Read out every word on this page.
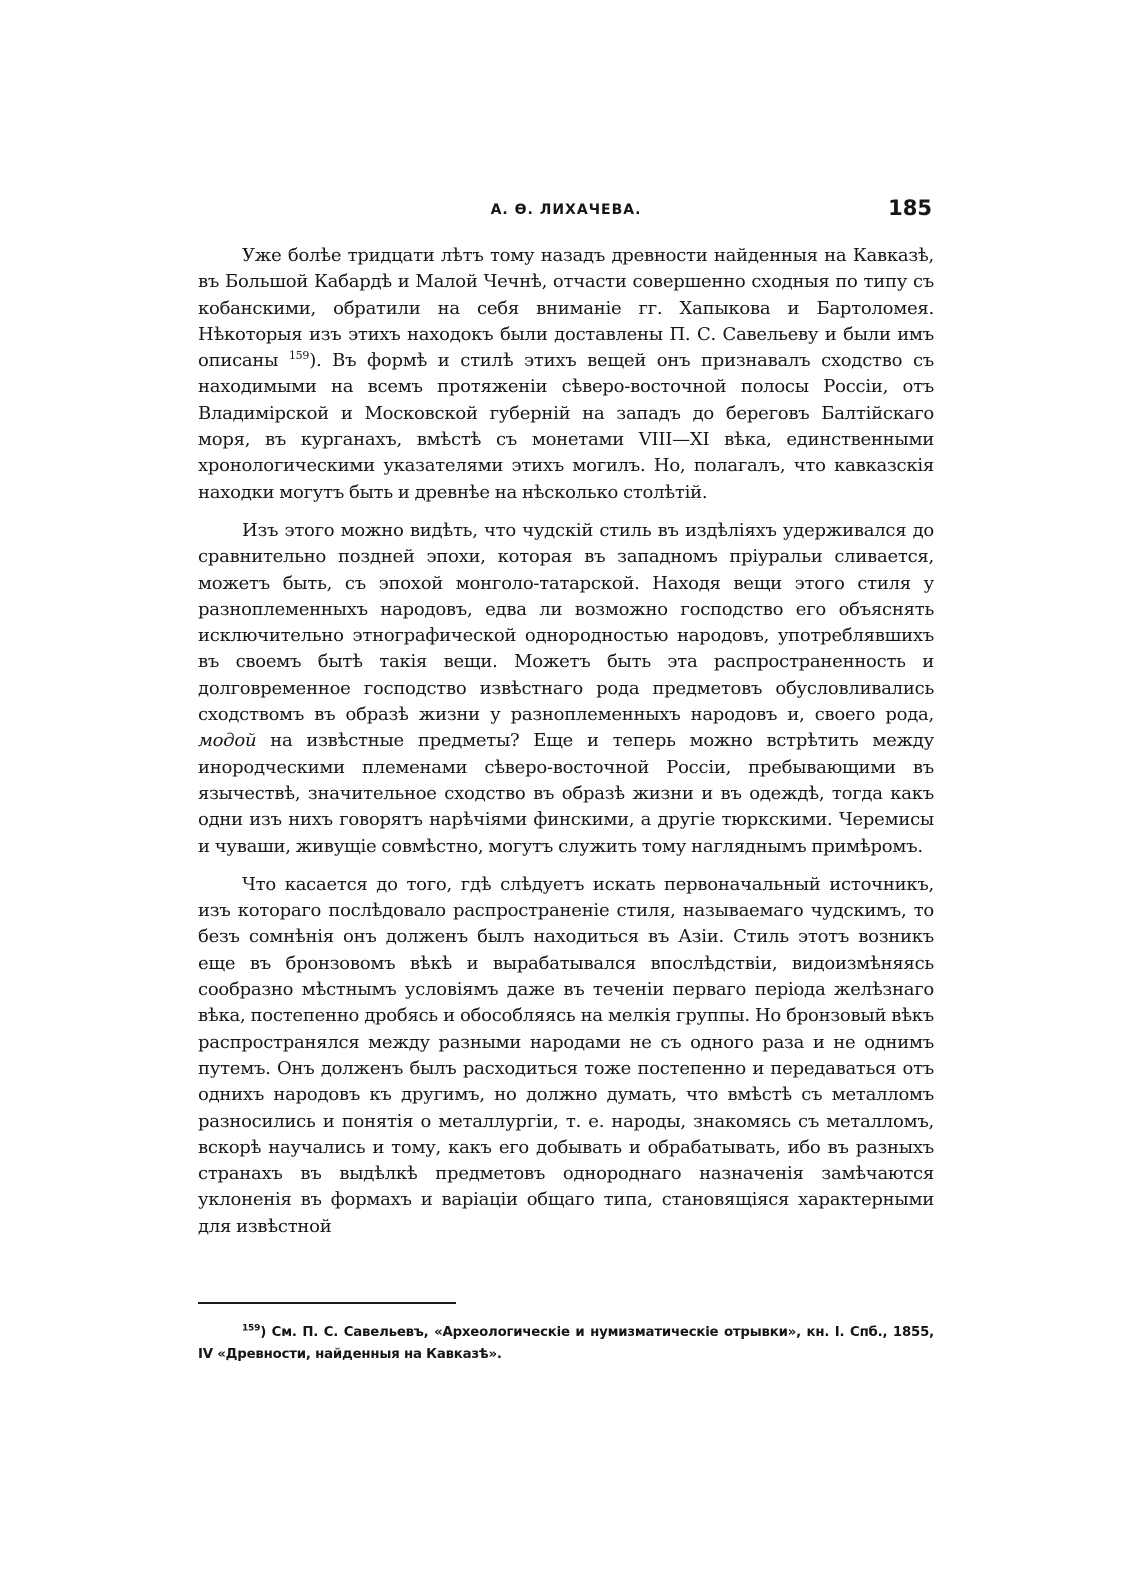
А. Ѳ. ЛИХАЧЕВА.	185

Уже болѣе тридцати лѣтъ тому назадъ древности найденныя на Кавказѣ, въ Большой Кабардѣ и Малой Чечнѣ, отчасти совершенно сходныя по типу съ кобанскими, обратили на себя вниманіе гг. Хапыкова и Бартоломея. Нѣкоторыя изъ этихъ находокъ были доставлены П. С. Савельеву и были имъ описаны $^{159}$). Въ формѣ и стилѣ этихъ вещей онъ признавалъ сходство съ находимыми на всемъ протяженіи сѣверо-восточной полосы Россіи, отъ Владимірской и Московской губерній на западъ до береговъ Балтійскаго моря, въ курганахъ, вмѣстѣ съ монетами VIII—XI вѣка, единственными хронологическими указателями этихъ могилъ. Но, полагалъ, что кавказскія находки могутъ быть и древнѣе на нѣсколько столѣтій.

Изъ этого можно видѣть, что чудскій стиль въ издѣліяхъ удерживался до сравнительно поздней эпохи, которая въ западномъ пріуральи сливается, можетъ быть, съ эпохой монголо-татарской. Находя вещи этого стиля у разноплеменныхъ народовъ, едва ли возможно господство его объяснять исключительно этнографической однородностью народовъ, употреблявшихъ въ своемъ бытѣ такія вещи. Можетъ быть эта распространенность и долговременное господство извѣстнаго рода предметовъ обусловливались сходствомъ въ образѣ жизни у разноплеменныхъ народовъ и, своего рода, модой на извѣстные предметы? Еще и теперь можно встрѣтить между инородческими племенами сѣверо-восточной Россіи, пребывающими въ язычествѣ, значительное сходство въ образѣ жизни и въ одеждѣ, тогда какъ одни изъ нихъ говорятъ нарѣчіями финскими, а другіе тюркскими. Черемисы и чуваши, живущіе совмѣстно, могутъ служить тому нагляднымъ примѣромъ.

Что касается до того, гдѣ слѣдуетъ искать первоначальный источникъ, изъ котораго послѣдовало распространеніе стиля, называемаго чудскимъ, то безъ сомнѣнія онъ долженъ былъ находиться въ Азіи. Стиль этотъ возникъ еще въ бронзовомъ вѣкѣ и вырабатывался впослѣдствіи, видоизмѣняясь сообразно мѣстнымъ условіямъ даже въ теченіи перваго періода желѣзнаго вѣка, постепенно дробясь и обособляясь на мелкія группы. Но бронзовый вѣкъ распространялся между разными народами не съ одного раза и не однимъ путемъ. Онъ долженъ былъ расходиться тоже постепенно и передаваться отъ однихъ народовъ къ другимъ, но должно думать, что вмѣстѣ съ металломъ разносились и понятія о металлургіи, т. е. народы, знакомясь съ металломъ, вскорѣ научались и тому, какъ его добывать и обрабатывать, ибо въ разныхъ странахъ въ выдѣлкѣ предметовъ однороднаго назначенія замѣчаются уклоненія въ формахъ и варіаціи общаго типа, становящіяся характерными для извѣстной

$^{159}$) См. П. С. Савельевъ, «Археологическіе и нумизматическіе отрывки», кн. I. Спб., 1855, IV «Древности, найденныя на Кавказѣ».
